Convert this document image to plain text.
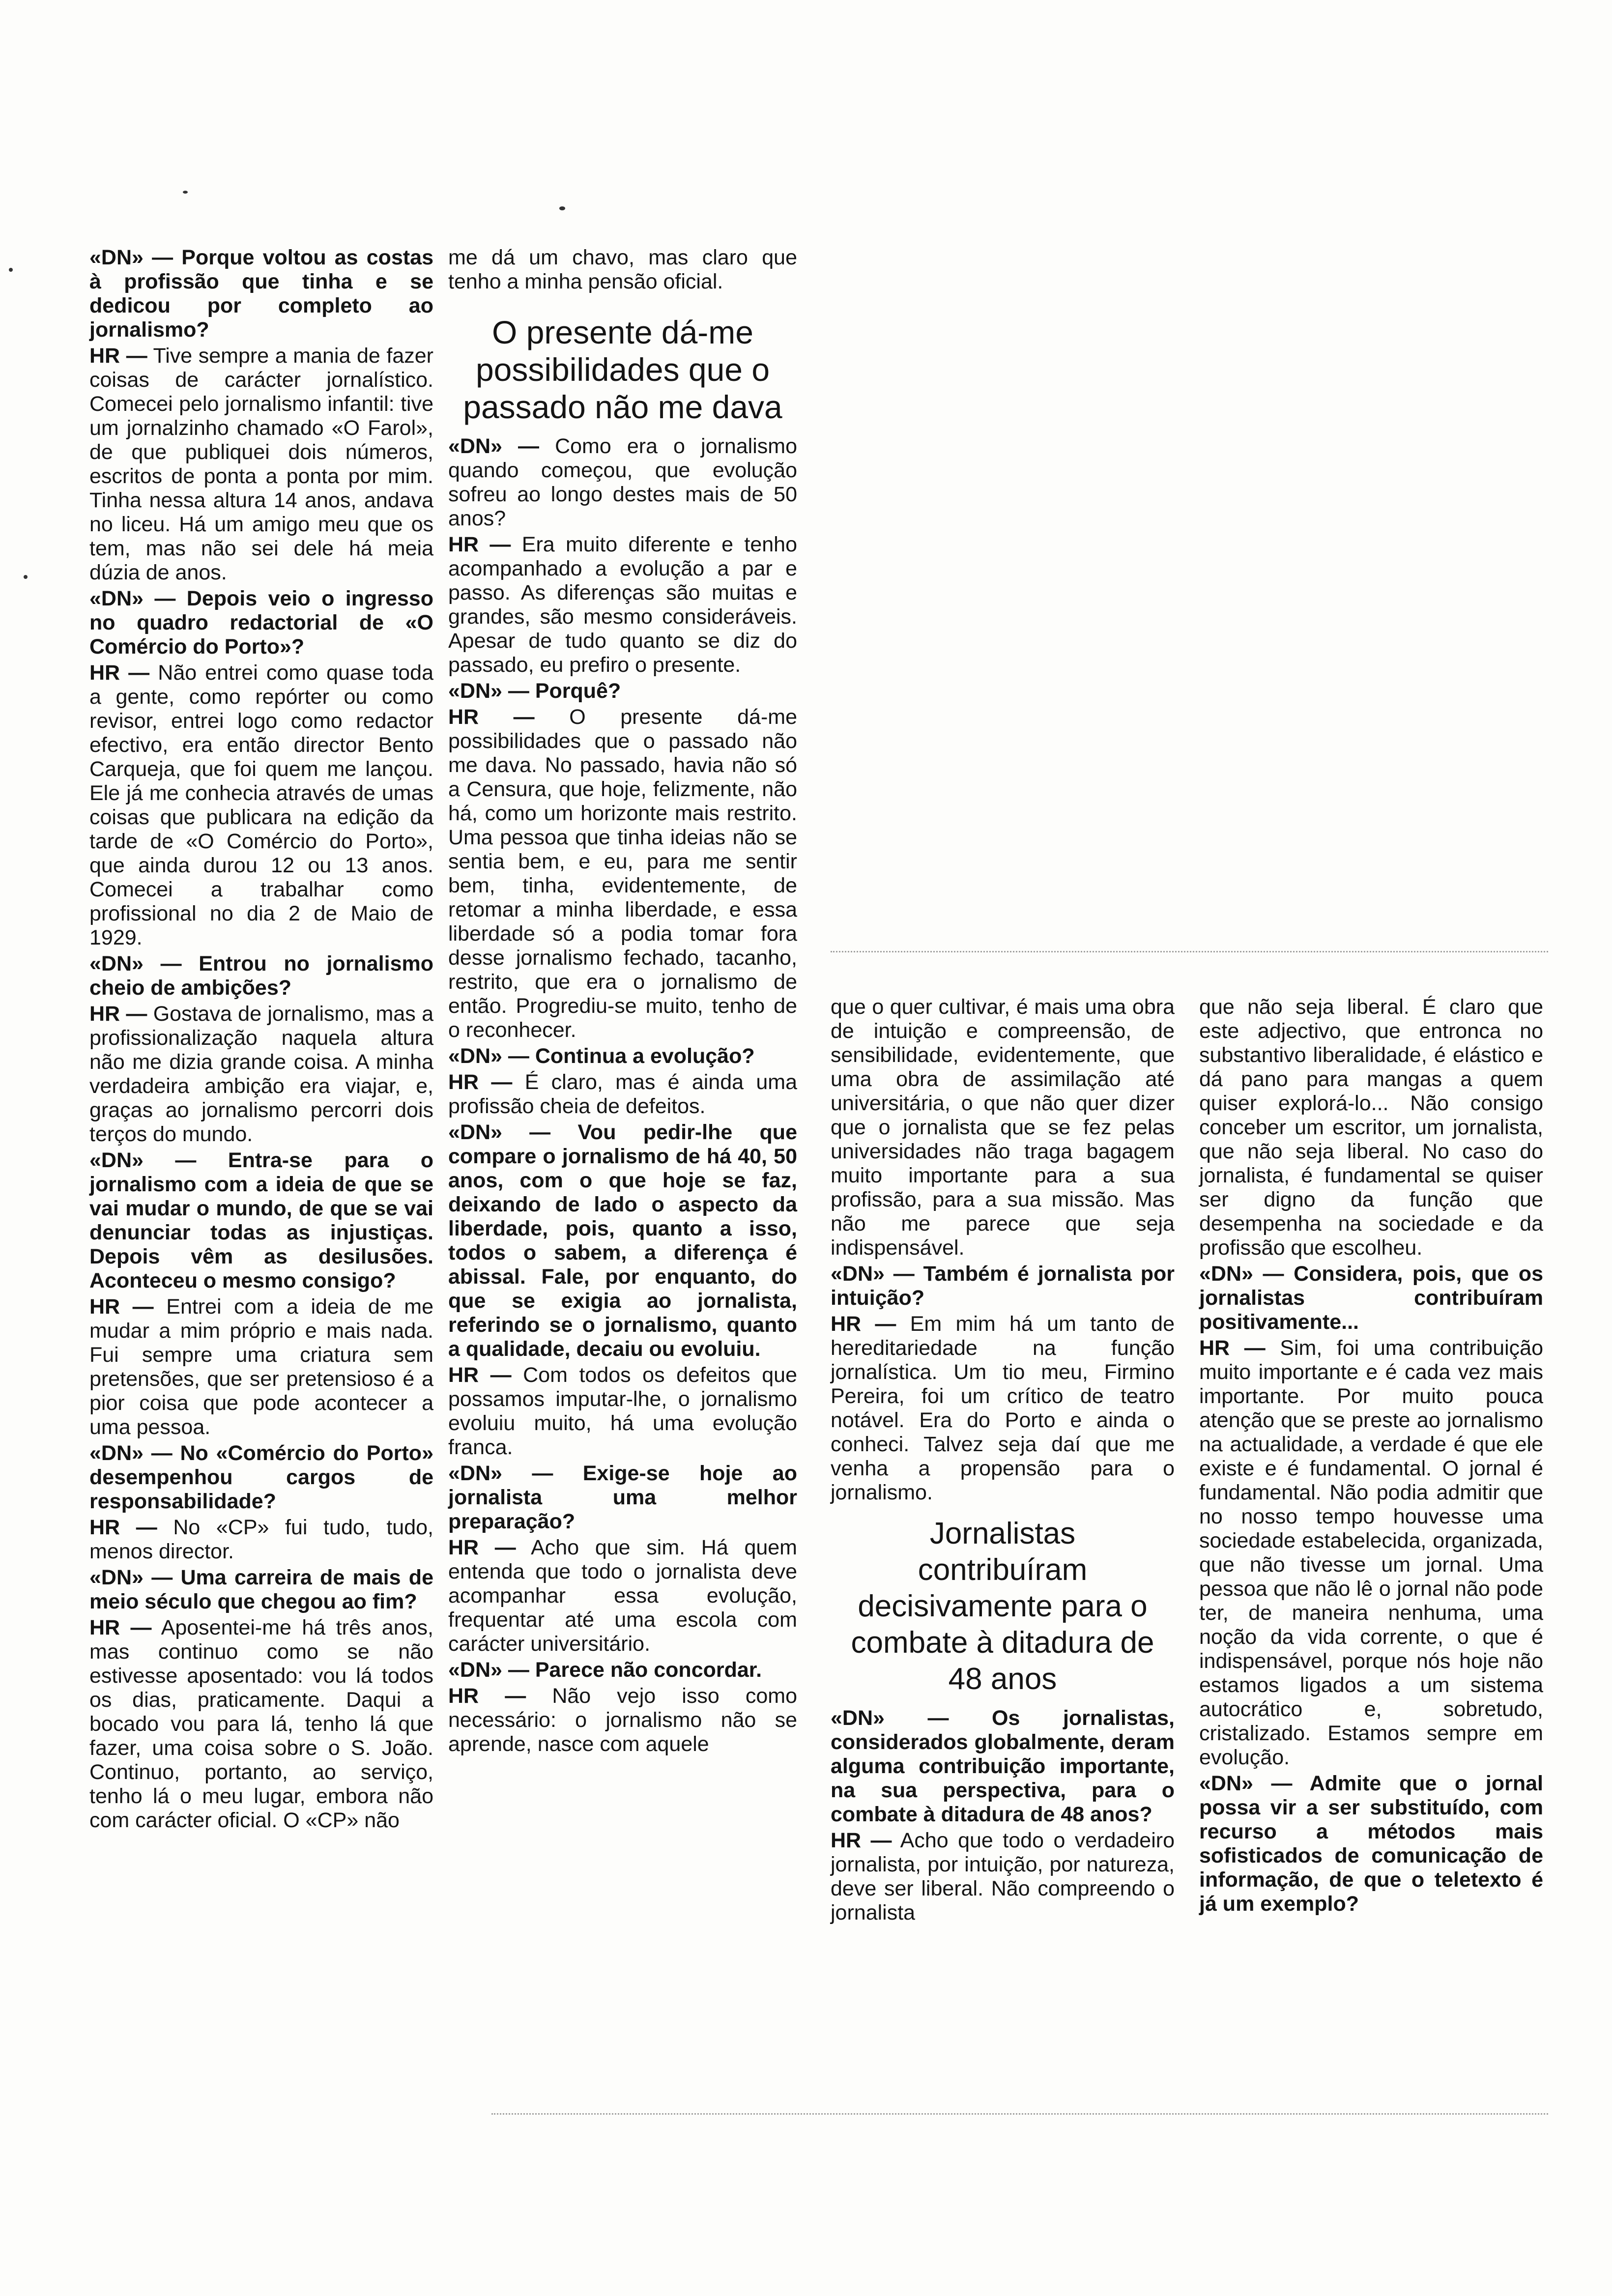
«DN» — Porque voltou as costas à profissão que tinha e se dedicou por completo ao jornalismo?

HR — Tive sempre a mania de fazer coisas de carácter jornalístico. Comecei pelo jornalismo infantil: tive um jornalzinho chamado «O Farol», de que publiquei dois números, escritos de ponta a ponta por mim. Tinha nessa altura 14 anos, andava no liceu. Há um amigo meu que os tem, mas não sei dele há meia dúzia de anos.

«DN» — Depois veio o ingresso no quadro redactorial de «O Comércio do Porto»?

HR — Não entrei como quase toda a gente, como repórter ou como revisor, entrei logo como redactor efectivo, era então director Bento Carqueja, que foi quem me lançou. Ele já me conhecia através de umas coisas que publicara na edição da tarde de «O Comércio do Porto», que ainda durou 12 ou 13 anos. Comecei a trabalhar como profissional no dia 2 de Maio de 1929.

«DN» — Entrou no jornalismo cheio de ambições?

HR — Gostava de jornalismo, mas a profissionalização naquela altura não me dizia grande coisa. A minha verdadeira ambição era viajar, e, graças ao jornalismo percorri dois terços do mundo.

«DN» — Entra-se para o jornalismo com a ideia de que se vai mudar o mundo, de que se vai denunciar todas as injustiças. Depois vêm as desilusões. Aconteceu o mesmo consigo?

HR — Entrei com a ideia de me mudar a mim próprio e mais nada. Fui sempre uma criatura sem pretensões, que ser pretensioso é a pior coisa que pode acontecer a uma pessoa.

«DN» — No «Comércio do Porto» desempenhou cargos de responsabilidade?

HR — No «CP» fui tudo, tudo, menos director.

«DN» — Uma carreira de mais de meio século que chegou ao fim?

HR — Aposentei-me há três anos, mas continuo como se não estivesse aposentado: vou lá todos os dias, praticamente. Daqui a bocado vou para lá, tenho lá que fazer, uma coisa sobre o S. João. Continuo, portanto, ao serviço, tenho lá o meu lugar, embora não com carácter oficial. O «CP» não

me dá um chavo, mas claro que tenho a minha pensão oficial.

O presente dá-me possibilidades que o passado não me dava

«DN» — Como era o jornalismo quando começou, que evolução sofreu ao longo destes mais de 50 anos?

HR — Era muito diferente e tenho acompanhado a evolução a par e passo. As diferenças são muitas e grandes, são mesmo consideráveis. Apesar de tudo quanto se diz do passado, eu prefiro o presente.

«DN» — Porquê?

HR — O presente dá-me possibilidades que o passado não me dava. No passado, havia não só a Censura, que hoje, felizmente, não há, como um horizonte mais restrito. Uma pessoa que tinha ideias não se sentia bem, e eu, para me sentir bem, tinha, evidentemente, de retomar a minha liberdade, e essa liberdade só a podia tomar fora desse jornalismo fechado, tacanho, restrito, que era o jornalismo de então. Progrediu-se muito, tenho de o reconhecer.

«DN» — Continua a evolução?

HR — É claro, mas é ainda uma profissão cheia de defeitos.

«DN» — Vou pedir-lhe que compare o jornalismo de há 40, 50 anos, com o que hoje se faz, deixando de lado o aspecto da liberdade, pois, quanto a isso, todos o sabem, a diferença é abissal. Fale, por enquanto, do que se exigia ao jornalista, referindo se o jornalismo, quanto a qualidade, decaiu ou evoluiu.

HR — Com todos os defeitos que possamos imputar-lhe, o jornalismo evoluiu muito, há uma evolução franca.

«DN» — Exige-se hoje ao jornalista uma melhor preparação?

HR — Acho que sim. Há quem entenda que todo o jornalista deve acompanhar essa evolução, frequentar até uma escola com carácter universitário.

«DN» — Parece não concordar.

HR — Não vejo isso como necessário: o jornalismo não se aprende, nasce com aquele

que o quer cultivar, é mais uma obra de intuição e compreensão, de sensibilidade, evidentemente, que uma obra de assimilação até universitária, o que não quer dizer que o jornalista que se fez pelas universidades não traga bagagem muito importante para a sua profissão, para a sua missão. Mas não me parece que seja indispensável.

«DN» — Também é jornalista por intuição?

HR — Em mim há um tanto de hereditariedade na função jornalística. Um tio meu, Firmino Pereira, foi um crítico de teatro notável. Era do Porto e ainda o conheci. Talvez seja daí que me venha a propensão para o jornalismo.

Jornalistas contribuíram decisivamente para o combate à ditadura de 48 anos

«DN» — Os jornalistas, considerados globalmente, deram alguma contribuição importante, na sua perspectiva, para o combate à ditadura de 48 anos?

HR — Acho que todo o verdadeiro jornalista, por intuição, por natureza, deve ser liberal. Não compreendo o jornalista

que não seja liberal. É claro que este adjectivo, que entronca no substantivo liberalidade, é elástico e dá pano para mangas a quem quiser explorá-lo... Não consigo conceber um escritor, um jornalista, que não seja liberal. No caso do jornalista, é fundamental se quiser ser digno da função que desempenha na sociedade e da profissão que escolheu.

«DN» — Considera, pois, que os jornalistas contribuíram positivamente...

HR — Sim, foi uma contribuição muito importante e é cada vez mais importante. Por muito pouca atenção que se preste ao jornalismo na actualidade, a verdade é que ele existe e é fundamental. O jornal é fundamental. Não podia admitir que no nosso tempo houvesse uma sociedade estabelecida, organizada, que não tivesse um jornal. Uma pessoa que não lê o jornal não pode ter, de maneira nenhuma, uma noção da vida corrente, o que é indispensável, porque nós hoje não estamos ligados a um sistema autocrático e, sobretudo, cristalizado. Estamos sempre em evolução.

«DN» — Admite que o jornal possa vir a ser substituído, com recurso a métodos mais sofisticados de comunicação de informação, de que o teletexto é já um exemplo?
